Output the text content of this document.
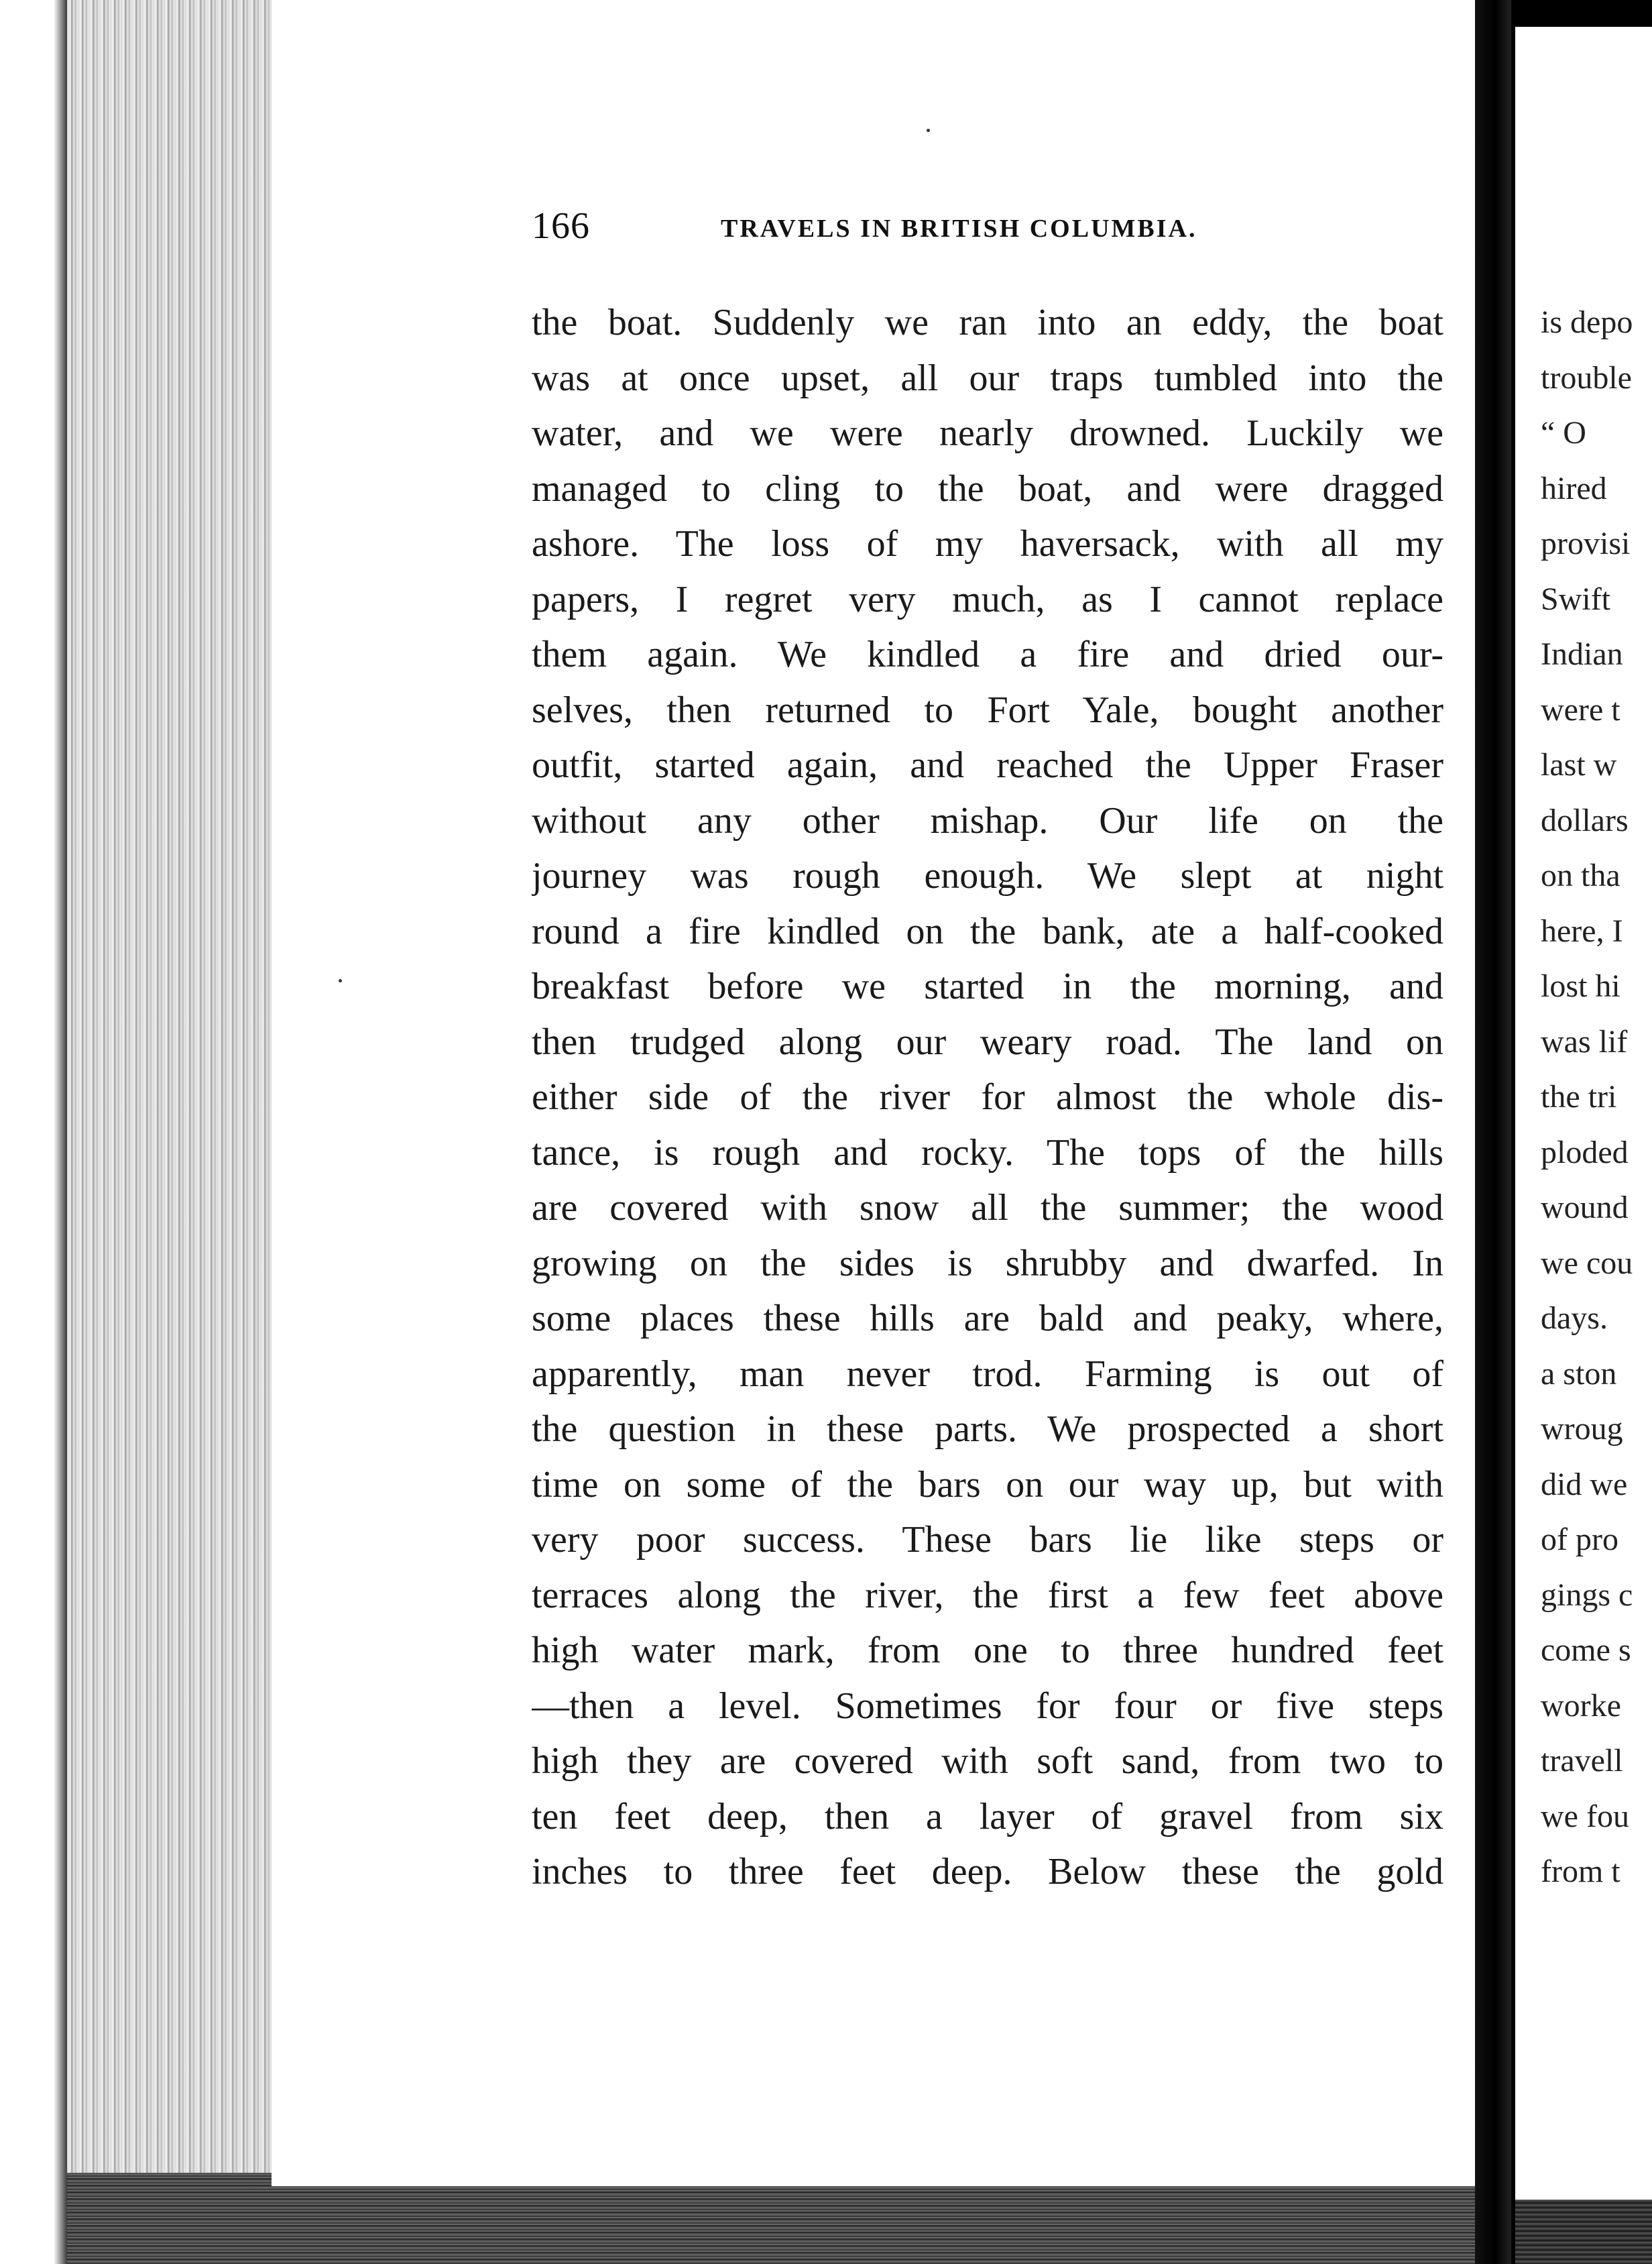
166	TRAVELS IN BRITISH COLUMBIA.
the boat. Suddenly we ran into an eddy, the boat
was at once upset, all our traps tumbled into the
water, and we were nearly drowned. Luckily we
managed to cling to the boat, and were dragged
ashore. The loss of my haversack, with all my
papers, I regret very much, as I cannot replace
them again. We kindled a fire and dried our-
selves, then returned to Fort Yale, bought another
outfit, started again, and reached the Upper Fraser
without any other mishap. Our life on the
journey was rough enough. We slept at night
round a fire kindled on the bank, ate a half-cooked
breakfast before we started in the morning, and
then trudged along our weary road. The land on
either side of the river for almost the whole dis-
tance, is rough and rocky. The tops of the hills
are covered with snow all the summer; the wood
growing on the sides is shrubby and dwarfed. In
some places these hills are bald and peaky, where,
apparently, man never trod. Farming is out of
the question in these parts. We prospected a short
time on some of the bars on our way up, but with
very poor success. These bars lie like steps or
terraces along the river, the first a few feet above
high water mark, from one to three hundred feet
—then a level. Sometimes for four or five steps
high they are covered with soft sand, from two to
ten feet deep, then a layer of gravel from six
inches to three feet deep. Below these the gold
is depo
trouble
“ O
hired
provisi
Swift
Indian
were t
last w
dollars
on tha
here, I
lost hi
was lif
the tri
ploded
wound
we cou
days.
a ston
wroug
did we
of pro
gings c
come s
worke
travell
we fou
from t
